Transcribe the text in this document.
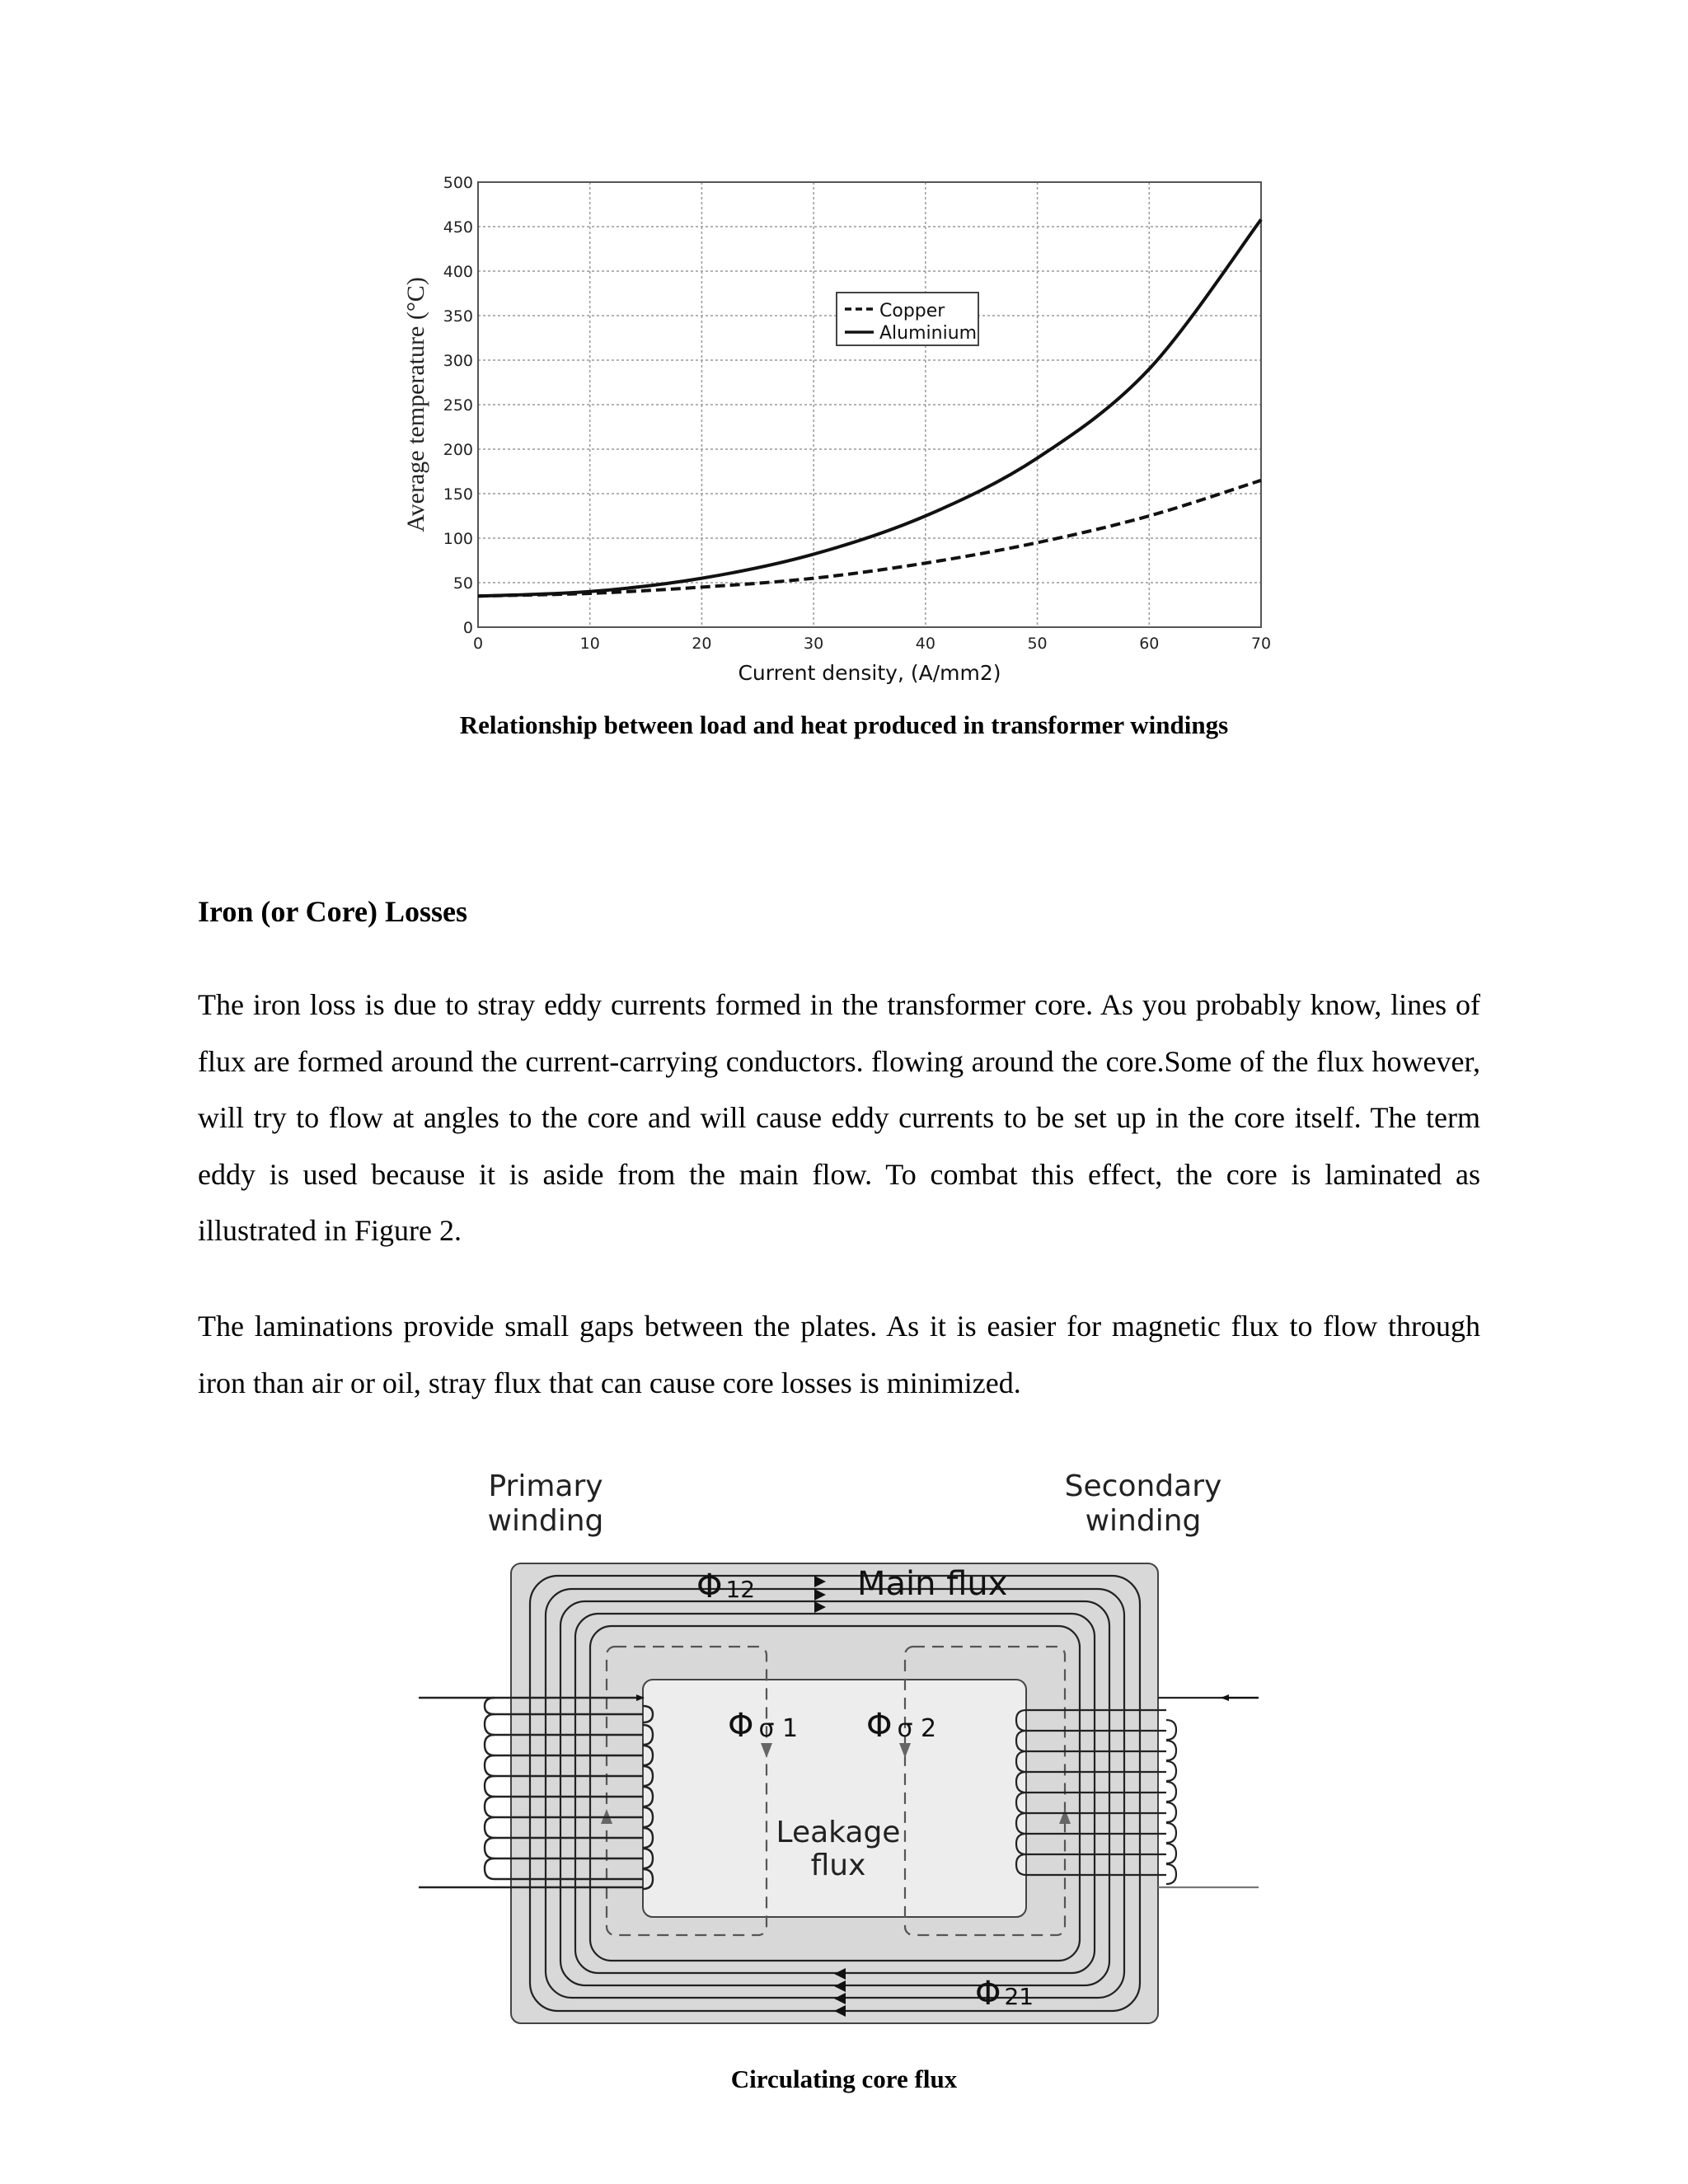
0
50
100
150
200
250
300
350
400
450
500
0	10	20	30	40	50	60	70
Copper
Aluminium
Current density, (A/mm2)
Average temperature (°C)
Relationship between load and heat produced in transformer windings
Iron (or Core) Losses

The iron loss is due to stray eddy currents formed in the transformer core. As you probably know, lines of flux are formed around the current-carrying conductors. flowing around the core.Some of the flux however, will try to flow at angles to the core and will cause eddy currents to be set up in the core itself. The term eddy is used because it is aside from the main flow. To combat this effect, the core is laminated as illustrated in Figure 2.

The laminations provide small gaps between the plates. As it is easier for magnetic flux to flow through iron than air or oil, stray flux that can cause core losses is minimized.

Primary
winding
Secondary
winding
Φ 12	Main flux
Φ σ 1 Φ σ 2
Leakage
flux
Φ 21
Circulating core flux
